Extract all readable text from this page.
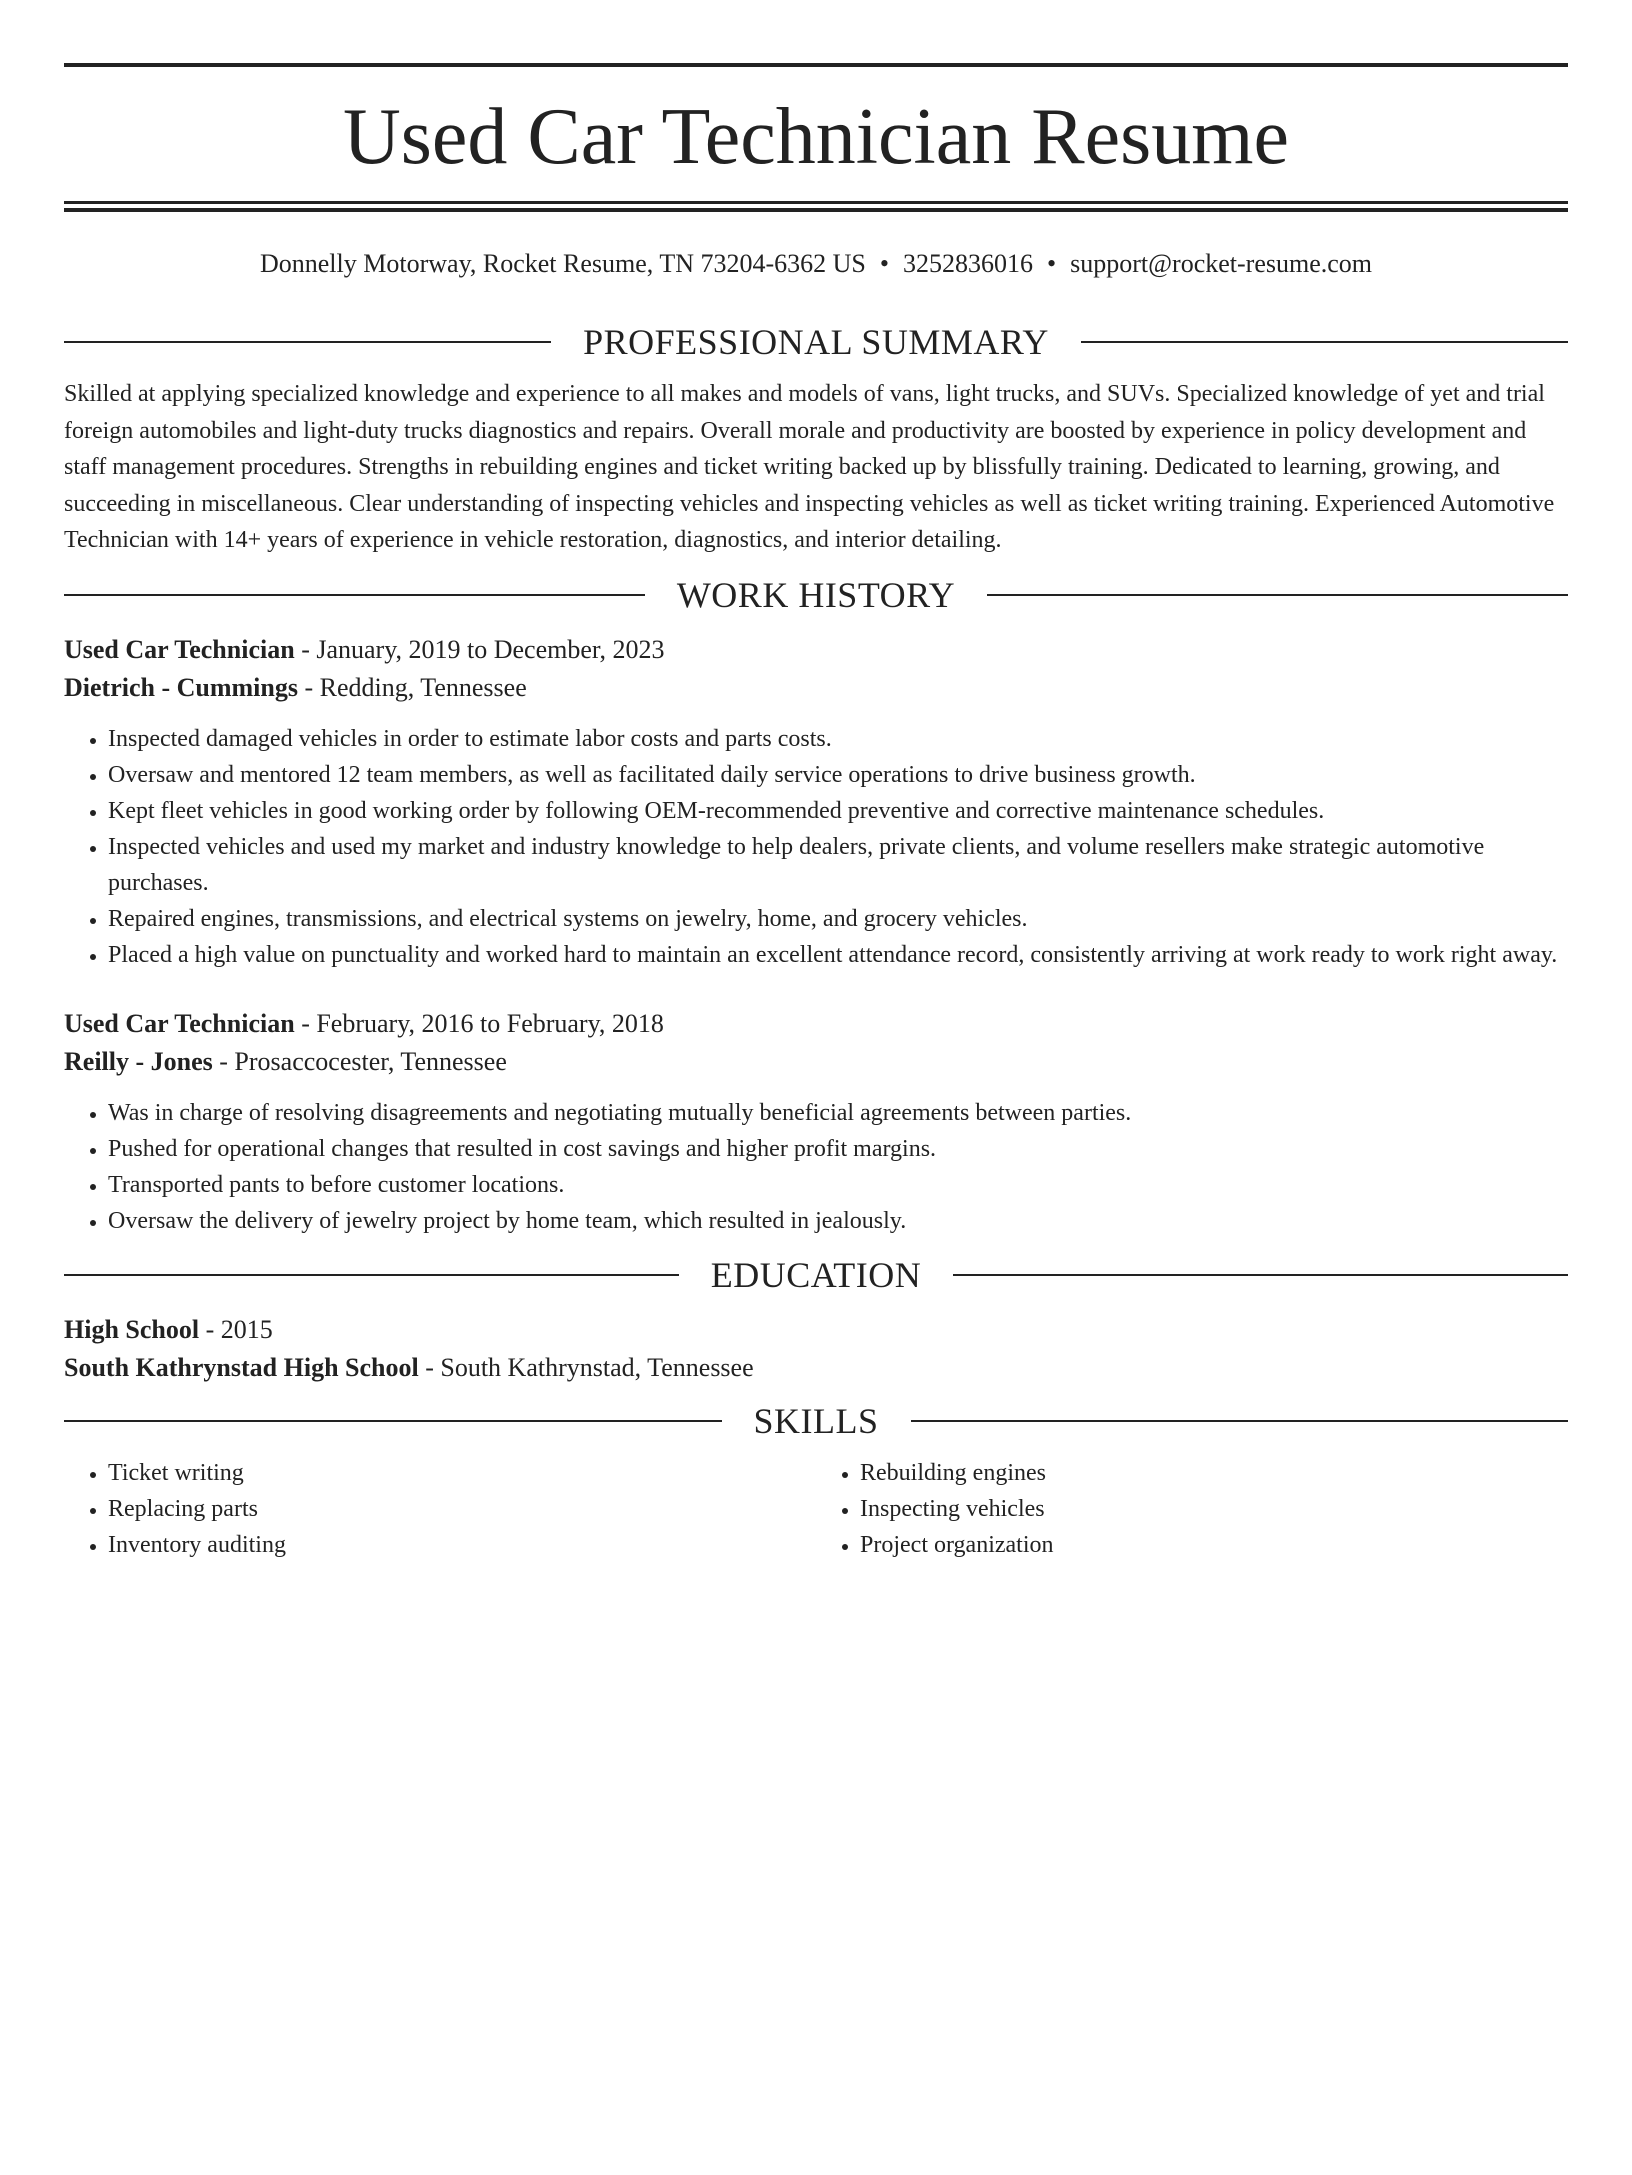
Used Car Technician Resume
Donnelly Motorway, Rocket Resume, TN 73204-6362 US • 3252836016 • support@rocket-resume.com
PROFESSIONAL SUMMARY

Skilled at applying specialized knowledge and experience to all makes and models of vans, light trucks, and SUVs. Specialized knowledge of yet and trial foreign automobiles and light-duty trucks diagnostics and repairs. Overall morale and productivity are boosted by experience in policy development and staff management procedures. Strengths in rebuilding engines and ticket writing backed up by blissfully training. Dedicated to learning, growing, and succeeding in miscellaneous. Clear understanding of inspecting vehicles and inspecting vehicles as well as ticket writing training. Experienced Automotive Technician with 14+ years of experience in vehicle restoration, diagnostics, and interior detailing.

WORK HISTORY
Used Car Technician - January, 2019 to December, 2023
Dietrich - Cummings - Redding, Tennessee
• Inspected damaged vehicles in order to estimate labor costs and parts costs.
• Oversaw and mentored 12 team members, as well as facilitated daily service operations to drive business growth.
• Kept fleet vehicles in good working order by following OEM-recommended preventive and corrective maintenance schedules.
• Inspected vehicles and used my market and industry knowledge to help dealers, private clients, and volume resellers make strategic automotive purchases.
• Repaired engines, transmissions, and electrical systems on jewelry, home, and grocery vehicles.
• Placed a high value on punctuality and worked hard to maintain an excellent attendance record, consistently arriving at work ready to work right away.
Used Car Technician - February, 2016 to February, 2018
Reilly - Jones - Prosaccocester, Tennessee
• Was in charge of resolving disagreements and negotiating mutually beneficial agreements between parties.
• Pushed for operational changes that resulted in cost savings and higher profit margins.
• Transported pants to before customer locations.
• Oversaw the delivery of jewelry project by home team, which resulted in jealously.
EDUCATION
High School - 2015
South Kathrynstad High School - South Kathrynstad, Tennessee
SKILLS
• Ticket writing
• Replacing parts
• Inventory auditing
• Rebuilding engines
• Inspecting vehicles
• Project organization
